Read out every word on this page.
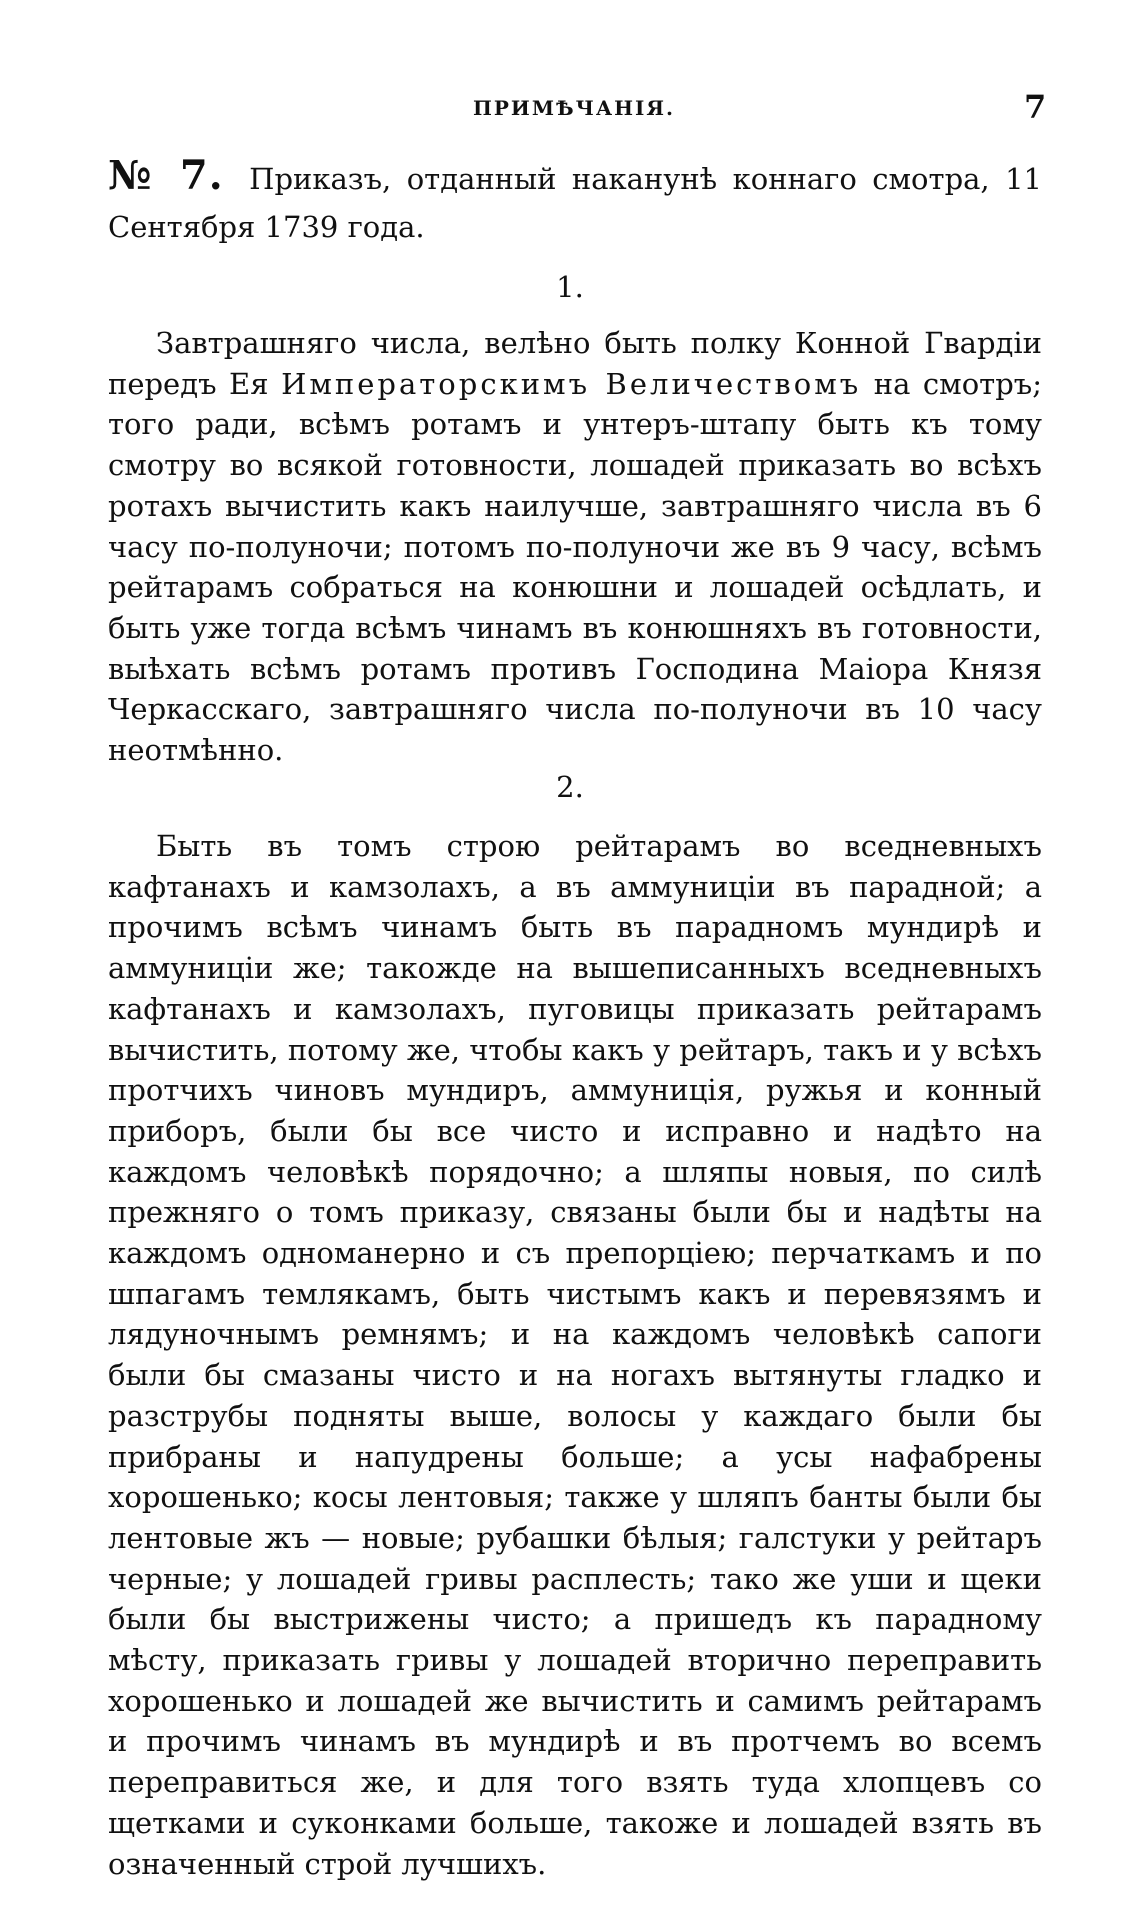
ПРИМѢЧАНІЯ.	7
№ 7. Приказъ, отданный наканунѣ коннаго смотра, 11 Сентября 1739 года.
1.

Завтрашняго числа, велѣно быть полку Конной Гвардіи передъ Ея Императорскимъ Величествомъ на смотръ; того ради, всѣмъ ротамъ и унтеръ-штапу быть къ тому смотру во всякой готовности, лошадей приказать во всѣхъ ротахъ вычистить какъ наилучше, завтрашняго числа въ 6 часу по-полуночи; потомъ по-полуночи же въ 9 часу, всѣмъ рейтарамъ собраться на конюшни и лошадей осѣдлать, и быть уже тогда всѣмъ чинамъ въ конюшняхъ въ готовности, выѣхать всѣмъ ротамъ противъ Господина Маіора Князя Черкасскаго, завтрашняго числа по-полуночи въ 10 часу неотмѣнно.

2.

Быть въ томъ строю рейтарамъ во вседневныхъ кафтанахъ и камзолахъ, а въ аммуниціи въ парадной; а прочимъ всѣмъ чинамъ быть въ парадномъ мундирѣ и аммуниціи же; такожде на вышеписанныхъ вседневныхъ кафтанахъ и камзолахъ, пуговицы приказать рейтарамъ вычистить, потому же, чтобы какъ у рейтаръ, такъ и у всѣхъ протчихъ чиновъ мундиръ, аммуниція, ружья и конный приборъ, были бы все чисто и исправно и надѣто на каждомъ человѣкѣ порядочно; а шляпы новыя, по силѣ прежняго о томъ приказу, связаны были бы и надѣты на каждомъ одноманерно и съ препорціею; перчаткамъ и по шпагамъ темлякамъ, быть чистымъ какъ и перевязямъ и лядуночнымъ ремнямъ; и на каждомъ человѣкѣ сапоги были бы смазаны чисто и на ногахъ вытянуты гладко и разструбы подняты выше, волосы у каждаго были бы прибраны и напудрены больше; а усы нафабрены хорошенько; косы лентовыя; также у шляпъ банты были бы лентовые жъ — новые; рубашки бѣлыя; галстуки у рейтаръ черные; у лошадей гривы расплесть; тако же уши и щеки были бы выстрижены чисто; а пришедъ къ парадному мѣсту, приказать гривы у лошадей вторично переправить хорошенько и лошадей же вычистить и самимъ рейтарамъ и прочимъ чинамъ въ мундирѣ и въ протчемъ во всемъ переправиться же, и для того взять туда хлопцевъ со щетками и суконками больше, такоже и лошадей взять въ означенный строй лучшихъ.
